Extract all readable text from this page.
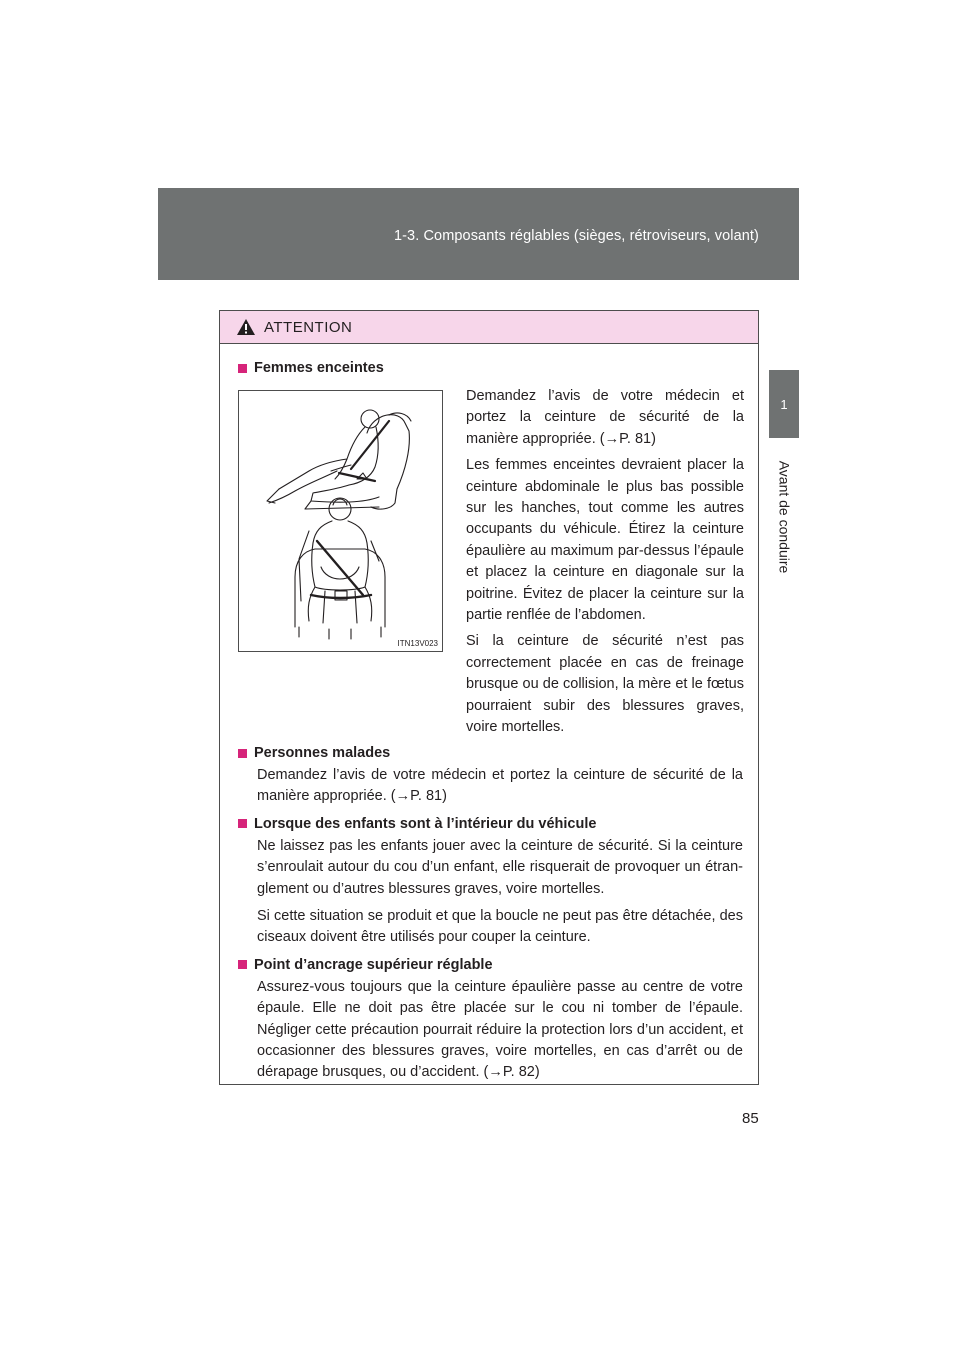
1-3. Composants réglables (sièges, rétroviseurs, volant)
1
Avant de conduire
ATTENTION
Femmes enceintes
ITN13V023

Demandez l’avis de votre médecin et portez la ceinture de sécurité de la manière appropriée. (→P. 81)

Les femmes enceintes devraient placer la ceinture abdominale le plus bas possible sur les hanches, tout comme les autres occupants du véhicule. Étirez la ceinture épaulière au maximum par-dessus l’épaule et placez la ceinture en diagonale sur la poitrine. Évitez de placer la ceinture sur la partie renflée de l’abdomen.

Si la ceinture de sécurité n’est pas correctement placée en cas de freinage brusque ou de collision, la mère et le fœtus pourraient subir des blessures graves, voire mortelles.

Personnes malades

Demandez l’avis de votre médecin et portez la ceinture de sécurité de la manière appropriée. (→P. 81)

Lorsque des enfants sont à l’intérieur du véhicule

Ne laissez pas les enfants jouer avec la ceinture de sécurité. Si la ceinture s’enroulait autour du cou d’un enfant, elle risquerait de provoquer un étran-glement ou d’autres blessures graves, voire mortelles.

Si cette situation se produit et que la boucle ne peut pas être détachée, des ciseaux doivent être utilisés pour couper la ceinture.

Point d’ancrage supérieur réglable

Assurez-vous toujours que la ceinture épaulière passe au centre de votre épaule. Elle ne doit pas être placée sur le cou ni tomber de l’épaule. Négliger cette précaution pourrait réduire la protection lors d’un accident, et occasionner des blessures graves, voire mortelles, en cas d’arrêt ou de dérapage brusques, ou d’accident. (→P. 82)

85
